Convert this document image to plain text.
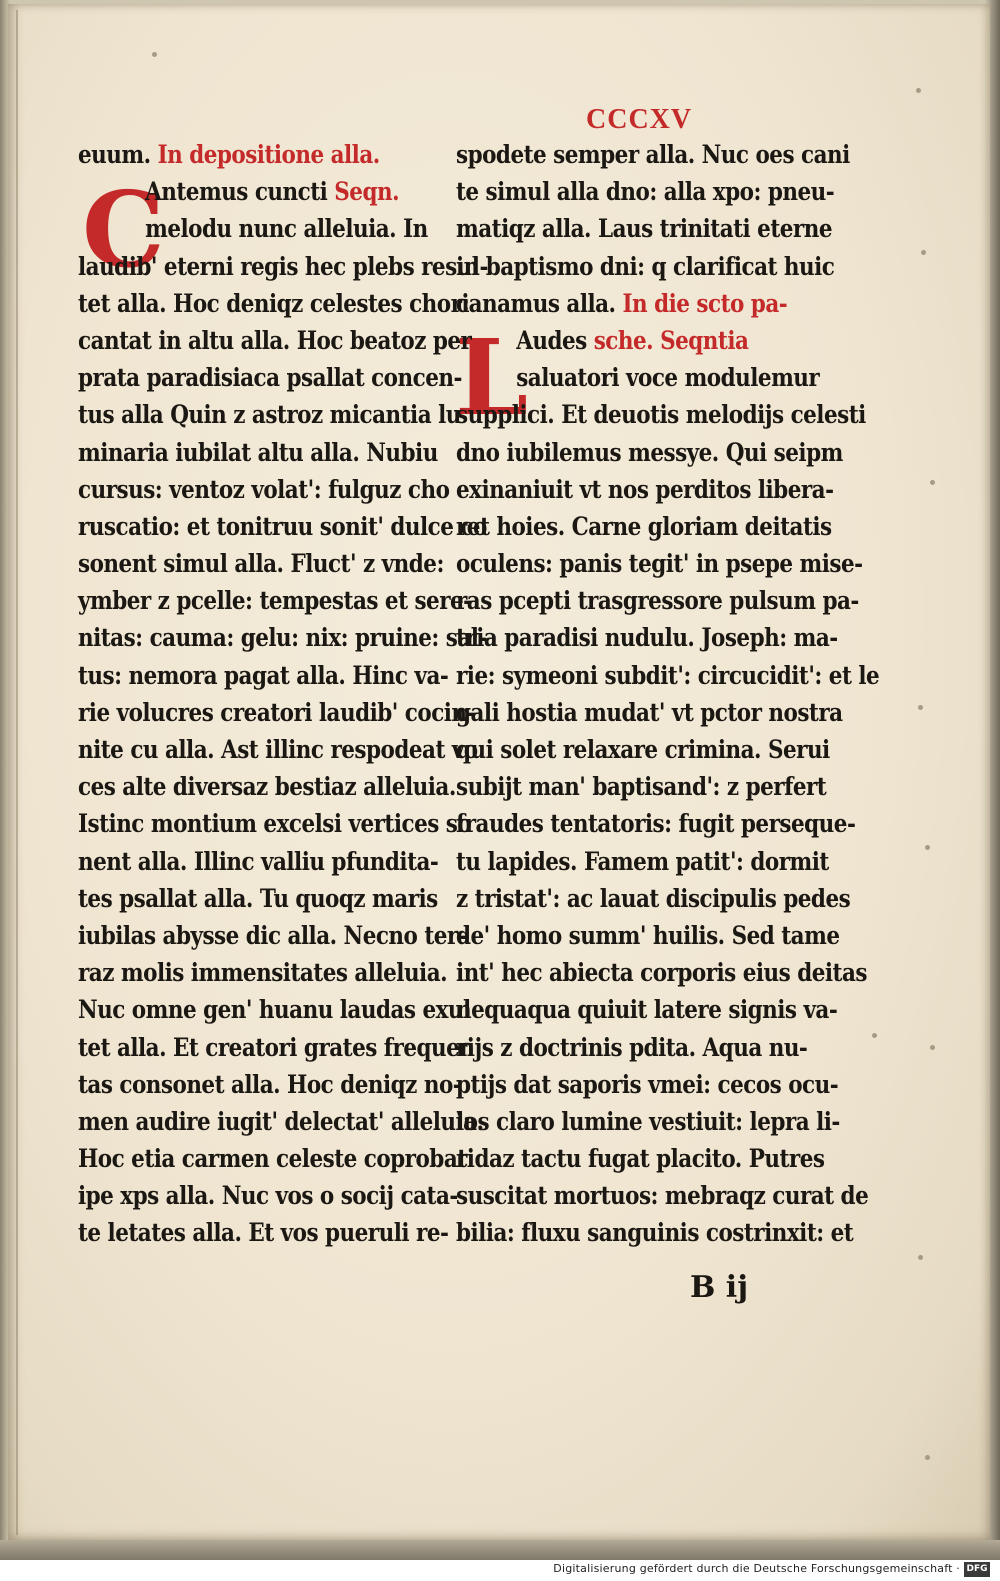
CCCXV
C
L
euum. In depositione alla.
Antemus cuncti Seqn.
melodu nunc alleluia. In
laudib' eterni regis hec plebs resul-
tet alla. Hoc deniqz celestes chori
cantat in altu alla. Hoc beatoz per
prata paradisiaca psallat concen-
tus alla Quin z astroz micantia lu
minaria iubilat altu alla. Nubiu
cursus: ventoz volat': fulguz cho
ruscatio: et tonitruu sonit' dulce co
sonent simul alla. Fluct' z vnde:
ymber z pcelle: tempestas et sere-
nitas: cauma: gelu: nix: pruine: sal-
tus: nemora pagat alla. Hinc va-
rie volucres creatori laudib' cocin-
nite cu alla. Ast illinc respodeat vo
ces alte diversaz bestiaz alleluia.
Istinc montium excelsi vertices so
nent alla. Illinc valliu pfundita-
tes psallat alla. Tu quoqz maris
iubilas abysse dic alla. Necno ter-
raz molis immensitates alleluia.
Nuc omne gen' huanu laudas exul
tet alla. Et creatori grates frequen
tas consonet alla. Hoc deniqz no-
men audire iugit' delectat' alleluia.
Hoc etia carmen celeste coprobat
ipe xps alla. Nuc vos o socij cata-
te letates alla. Et vos pueruli re-
spodete semper alla. Nuc oes cani
te simul alla dno: alla xpo: pneu-
matiqz alla. Laus trinitati eterne
in baptismo dni: q clarificat huic
canamus alla. In die scto pa-
Audes sche. Seqntia
saluatori voce modulemur
supplici. Et deuotis melodijs celesti
dno iubilemus messye. Qui seipm
exinaniuit vt nos perditos libera-
ret hoies. Carne gloriam deitatis
oculens: panis tegit' in psepe mise-
ras pcepti trasgressore pulsum pa-
tria paradisi nudulu. Joseph: ma-
rie: symeoni subdit': circucidit': et le
gali hostia mudat' vt pctor nostra
qui solet relaxare crimina. Serui
subijt man' baptisand': z perfert
fraudes tentatoris: fugit perseque-
tu lapides. Famem patit': dormit
z tristat': ac lauat discipulis pedes
de' homo summ' huilis. Sed tame
int' hec abiecta corporis eius deitas
nequaqua quiuit latere signis va-
rijs z doctrinis pdita. Aqua nu-
ptijs dat saporis vmei: cecos ocu-
los claro lumine vestiuit: lepra li-
ridaz tactu fugat placito. Putres
suscitat mortuos: mebraqz curat de
bilia: fluxu sanguinis costrinxit: et
B ij
Digitalisierung gefördert durch die Deutsche Forschungsgemeinschaft · DFG
